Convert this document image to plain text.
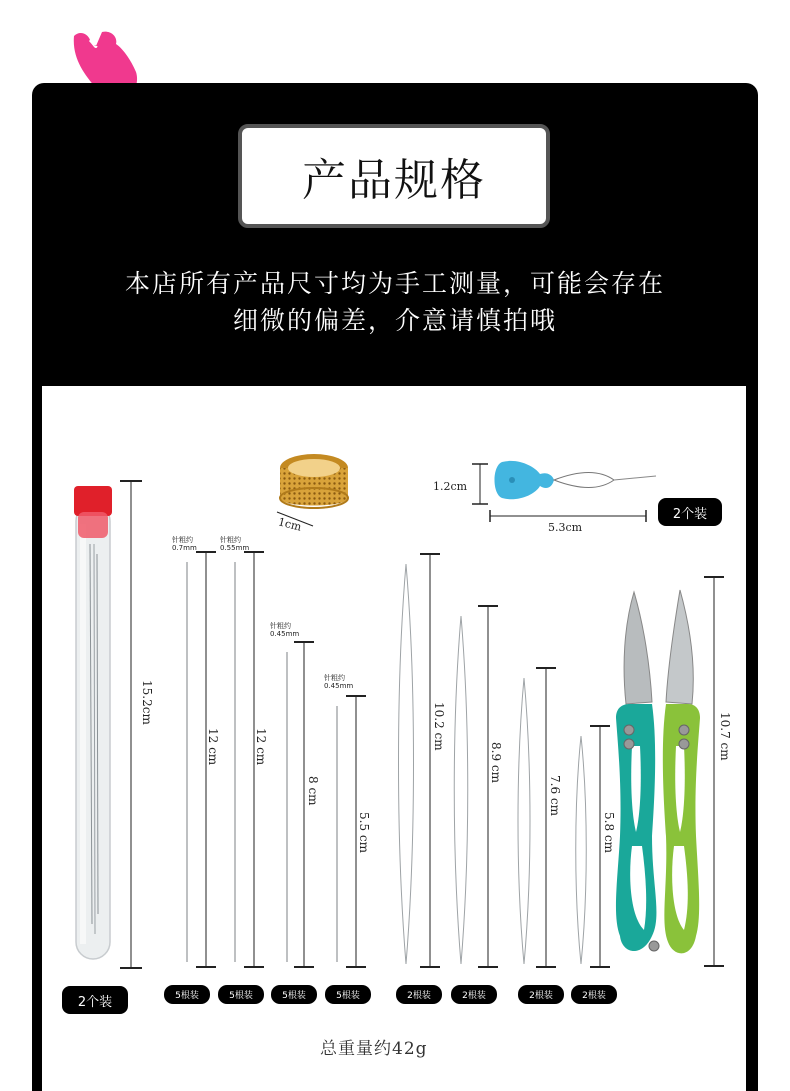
产品规格
本店所有产品尺寸均为手工测量，可能会存在
细微的偏差，介意请慎拍哦
15.2cm
2个装
1cm
1.2cm
5.3cm
2个装
针粗约
0.7mm
12 cm
5根装
针粗约
0.55mm
12 cm
5根装
针粗约
0.45mm
8 cm
5根装
针粗约
0.45mm
5.5 cm
5根装
10.2 cm
2根装
8.9 cm
2根装
7.6 cm
2根装
5.8 cm
2根装
10.7 cm
总重量约42g
